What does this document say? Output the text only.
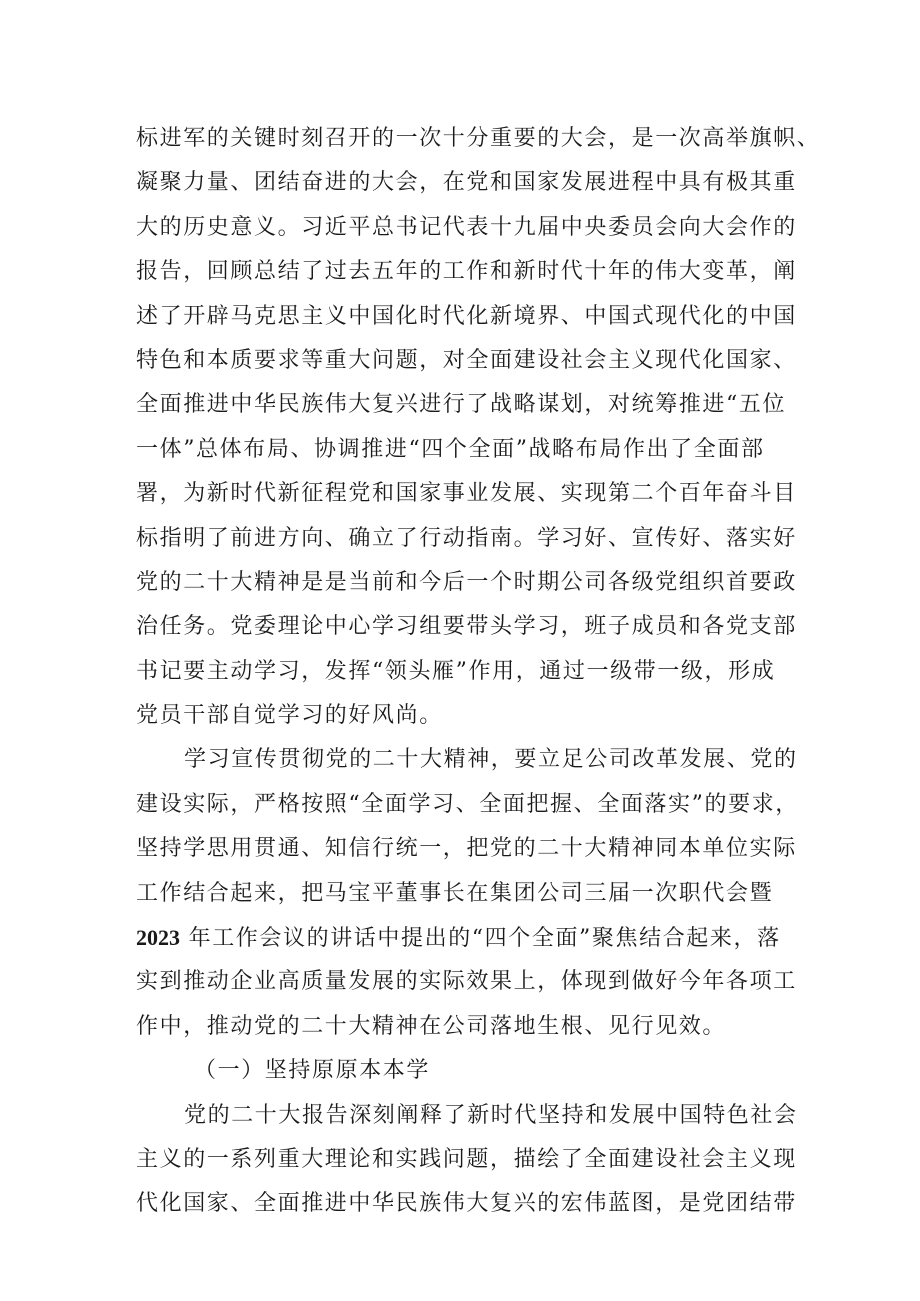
标进军的关键时刻召开的一次十分重要的大会，是一次高举旗帜、
凝聚力量、团结奋进的大会，在党和国家发展进程中具有极其重
大的历史意义。习近平总书记代表十九届中央委员会向大会作的
报告，回顾总结了过去五年的工作和新时代十年的伟大变革，阐
述了开辟马克思主义中国化时代化新境界、中国式现代化的中国
特色和本质要求等重大问题，对全面建设社会主义现代化国家、
全面推进中华民族伟大复兴进行了战略谋划，对统筹推进“五位
一体”总体布局、协调推进“四个全面”战略布局作出了全面部
署，为新时代新征程党和国家事业发展、实现第二个百年奋斗目
标指明了前进方向、确立了行动指南。学习好、宣传好、落实好
党的二十大精神是是当前和今后一个时期公司各级党组织首要政
治任务。党委理论中心学习组要带头学习，班子成员和各党支部
书记要主动学习，发挥“领头雁”作用，通过一级带一级，形成
党员干部自觉学习的好风尚。
学习宣传贯彻党的二十大精神，要立足公司改革发展、党的
建设实际，严格按照“全面学习、全面把握、全面落实”的要求，
坚持学思用贯通、知信行统一，把党的二十大精神同本单位实际
工作结合起来，把马宝平董事长在集团公司三届一次职代会暨
2023 年工作会议的讲话中提出的“四个全面”聚焦结合起来，落
实到推动企业高质量发展的实际效果上，体现到做好今年各项工
作中，推动党的二十大精神在公司落地生根、见行见效。
（一）坚持原原本本学
党的二十大报告深刻阐释了新时代坚持和发展中国特色社会
主义的一系列重大理论和实践问题，描绘了全面建设社会主义现
代化国家、全面推进中华民族伟大复兴的宏伟蓝图，是党团结带
